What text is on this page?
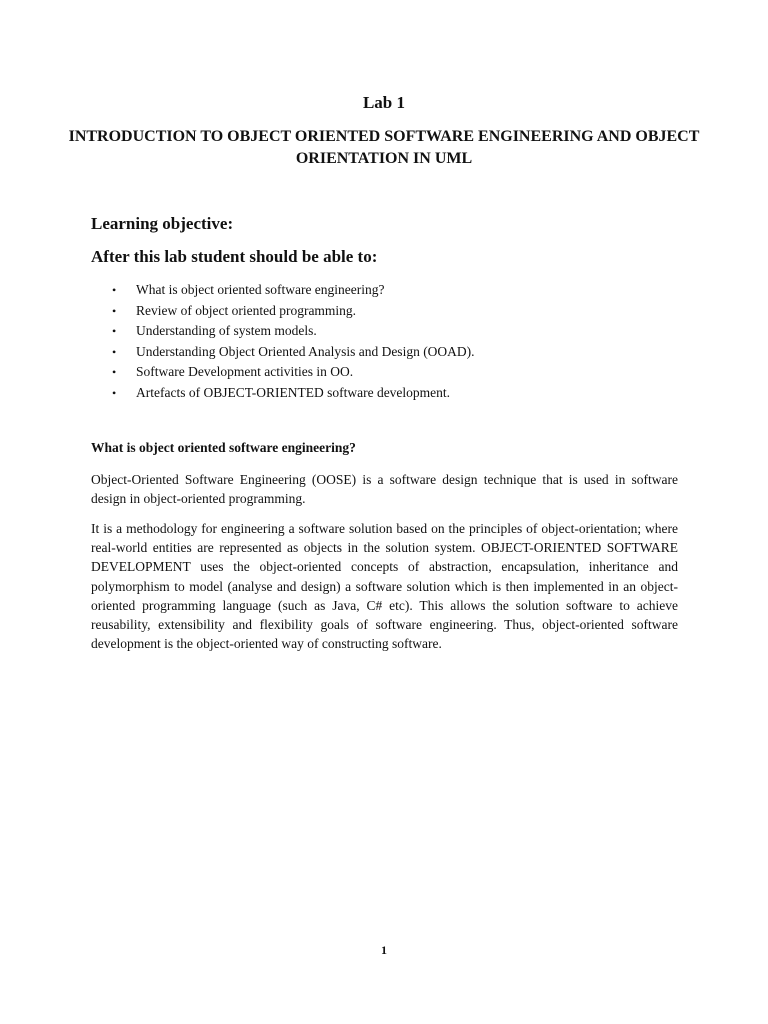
Lab 1
INTRODUCTION TO OBJECT ORIENTED SOFTWARE ENGINEERING AND OBJECT ORIENTATION IN UML
Learning objective:
After this lab student should be able to:
• What is object oriented software engineering?
• Review of object oriented programming.
• Understanding of system models.
• Understanding Object Oriented Analysis and Design (OOAD).
• Software Development activities in OO.
• Artefacts of OBJECT-ORIENTED software development.
What is object oriented software engineering?

Object-Oriented Software Engineering (OOSE) is a software design technique that is used in software design in object-oriented programming.

It is a methodology for engineering a software solution based on the principles of object-orientation; where real-world entities are represented as objects in the solution system. OBJECT-ORIENTED SOFTWARE DEVELOPMENT uses the object-oriented concepts of abstraction, encapsulation, inheritance and polymorphism to model (analyse and design) a software solution which is then implemented in an object-oriented programming language (such as Java, C# etc). This allows the solution software to achieve reusability, extensibility and flexibility goals of software engineering. Thus, object-oriented software development is the object-oriented way of constructing software.

1
